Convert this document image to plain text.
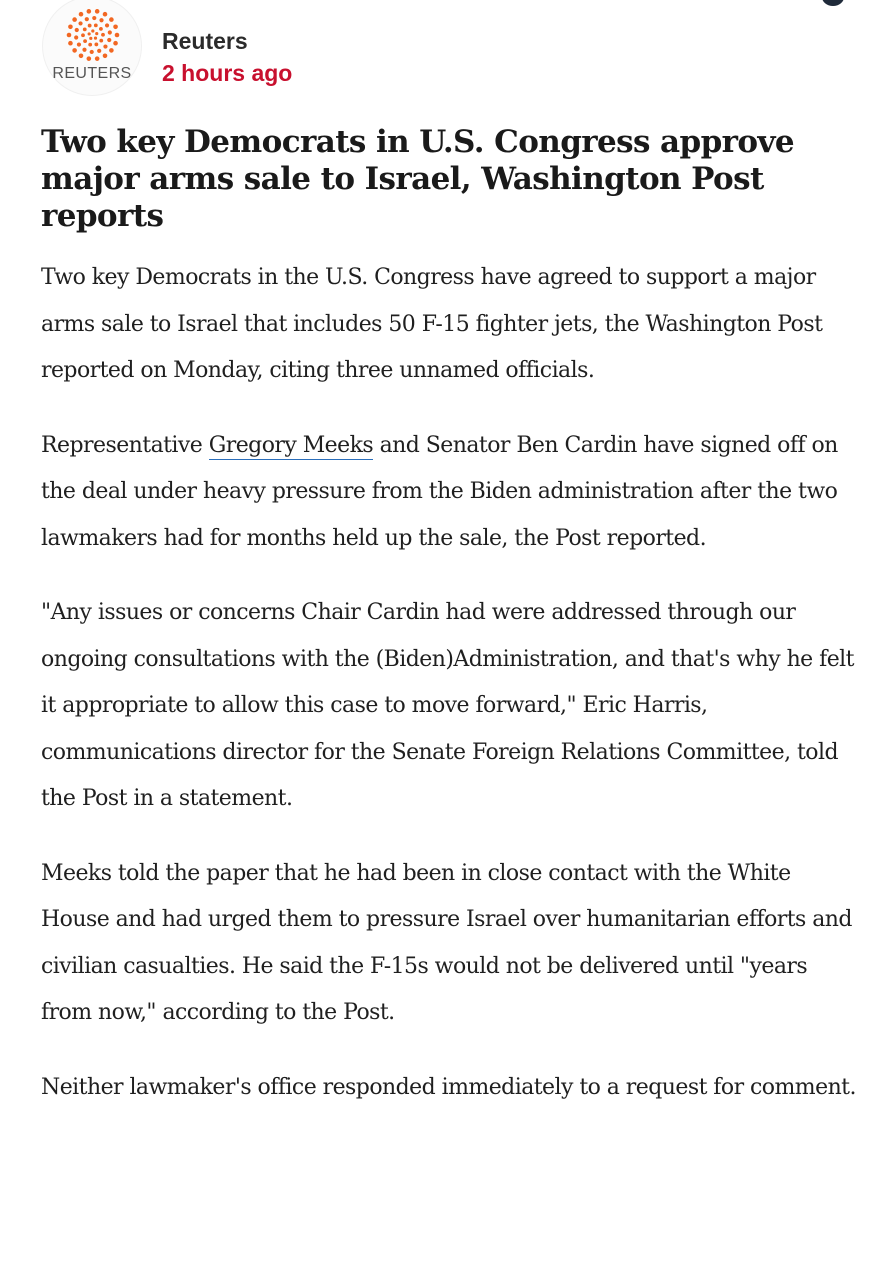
REUTERS
Reuters
2 hours ago
Two key Democrats in U.S. Congress approve major arms sale to Israel, Washington Post reports

Two key Democrats in the U.S. Congress have agreed to support a major arms sale to Israel that includes 50 F-15 fighter jets, the Washington Post reported on Monday, citing three unnamed officials.

Representative Gregory Meeks and Senator Ben Cardin have signed off on the deal under heavy pressure from the Biden administration after the two lawmakers had for months held up the sale, the Post reported.

"Any issues or concerns Chair Cardin had were addressed through our ongoing consultations with the (Biden)Administration, and that's why he felt it appropriate to allow this case to move forward," Eric Harris, communications director for the Senate Foreign Relations Committee, told the Post in a statement.

Meeks told the paper that he had been in close contact with the White House and had urged them to pressure Israel over humanitarian efforts and civilian casualties. He said the F-15s would not be delivered until "years from now," according to the Post.

Neither lawmaker's office responded immediately to a request for comment.
